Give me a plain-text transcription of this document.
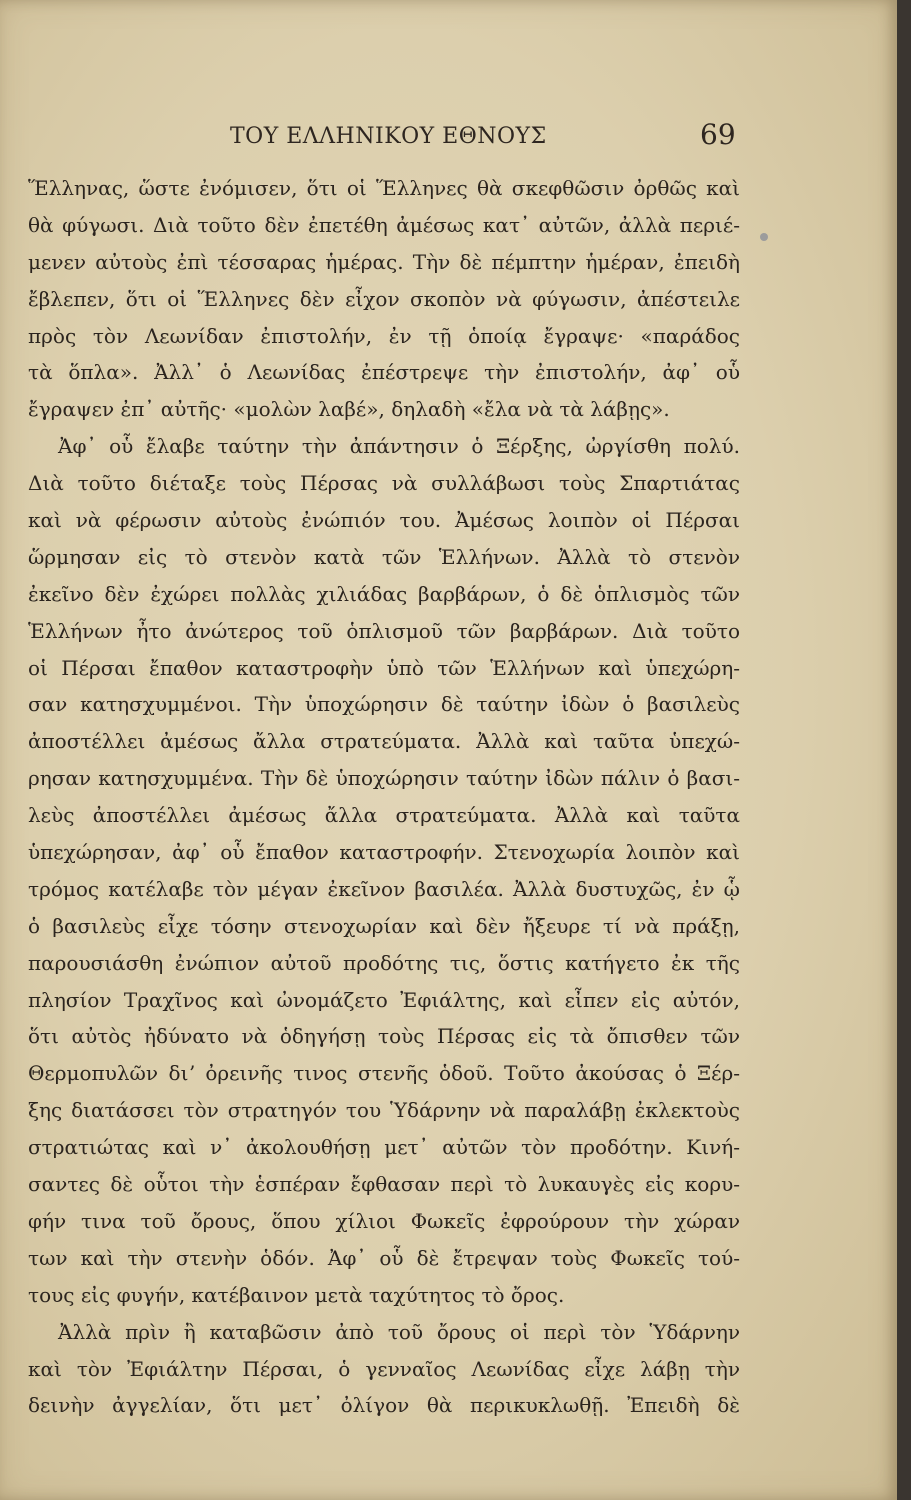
ΤΟΥ ΕΛΛΗΝΙΚΟΥ ΕΘΝΟΥΣ	69
Ἕλληνας, ὥστε ἐνόμισεν, ὅτι οἱ Ἕλληνες θὰ σκεφθῶσιν ὀρθῶς καὶ
θὰ φύγωσι. Διὰ τοῦτο δὲν ἐπετέθη ἀμέσως κατ᾽ αὐτῶν, ἀλλὰ περιέ-
μενεν αὐτοὺς ἐπὶ τέσσαρας ἡμέρας. Τὴν δὲ πέμπτην ἡμέραν, ἐπειδὴ
ἔβλεπεν, ὅτι οἱ Ἕλληνες δὲν εἶχον σκοπὸν νὰ φύγωσιν, ἀπέστειλε
πρὸς τὸν Λεωνίδαν ἐπιστολήν, ἐν τῇ ὁποίᾳ ἔγραψε· «παράδος
τὰ ὅπλα». Ἀλλ᾽ ὁ Λεωνίδας ἐπέστρεψε τὴν ἐπιστολήν, ἀφ᾽ οὗ
ἔγραψεν ἐπ᾽ αὐτῆς· «μολὼν λαβέ», δηλαδὴ «ἔλα νὰ τὰ λάβῃς».
Ἀφ᾽ οὗ ἔλαβε ταύτην τὴν ἀπάντησιν ὁ Ξέρξης, ὠργίσθη πολύ.
Διὰ τοῦτο διέταξε τοὺς Πέρσας νὰ συλλάβωσι τοὺς Σπαρτιάτας
καὶ νὰ φέρωσιν αὐτοὺς ἐνώπιόν του. Ἀμέσως λοιπὸν οἱ Πέρσαι
ὥρμησαν εἰς τὸ στενὸν κατὰ τῶν Ἑλλήνων. Ἀλλὰ τὸ στενὸν
ἐκεῖνο δὲν ἐχώρει πολλὰς χιλιάδας βαρβάρων, ὁ δὲ ὁπλισμὸς τῶν
Ἑλλήνων ἦτο ἀνώτερος τοῦ ὁπλισμοῦ τῶν βαρβάρων. Διὰ τοῦτο
οἱ Πέρσαι ἔπαθον καταστροφὴν ὑπὸ τῶν Ἑλλήνων καὶ ὑπεχώρη-
σαν κατησχυμμένοι. Τὴν ὑποχώρησιν δὲ ταύτην ἰδὼν ὁ βασιλεὺς
ἀποστέλλει ἀμέσως ἄλλα στρατεύματα. Ἀλλὰ καὶ ταῦτα ὑπεχώ-
ρησαν κατησχυμμένα. Τὴν δὲ ὑποχώρησιν ταύτην ἰδὼν πάλιν ὁ βασι-
λεὺς ἀποστέλλει ἀμέσως ἄλλα στρατεύματα. Ἀλλὰ καὶ ταῦτα
ὑπεχώρησαν, ἀφ᾽ οὗ ἔπαθον καταστροφήν. Στενοχωρία λοιπὸν καὶ
τρόμος κατέλαβε τὸν μέγαν ἐκεῖνον βασιλέα. Ἀλλὰ δυστυχῶς, ἐν ᾧ
ὁ βασιλεὺς εἶχε τόσην στενοχωρίαν καὶ δὲν ἤξευρε τί νὰ πράξῃ,
παρουσιάσθη ἐνώπιον αὐτοῦ προδότης τις, ὅστις κατήγετο ἐκ τῆς
πλησίον Τραχῖνος καὶ ὠνομάζετο Ἐφιάλτης, καὶ εἶπεν εἰς αὐτόν,
ὅτι αὐτὸς ἠδύνατο νὰ ὁδηγήσῃ τοὺς Πέρσας εἰς τὰ ὄπισθεν τῶν
Θερμοπυλῶν διʼ ὀρεινῆς τινος στενῆς ὁδοῦ. Τοῦτο ἀκούσας ὁ Ξέρ-
ξης διατάσσει τὸν στρατηγόν του Ὑδάρνην νὰ παραλάβῃ ἐκλεκτοὺς
στρατιώτας καὶ ν᾽ ἀκολουθήσῃ μετ᾽ αὐτῶν τὸν προδότην. Κινή-
σαντες δὲ οὗτοι τὴν ἑσπέραν ἔφθασαν περὶ τὸ λυκαυγὲς εἰς κορυ-
φήν τινα τοῦ ὄρους, ὅπου χίλιοι Φωκεῖς ἐφρούρουν τὴν χώραν
των καὶ τὴν στενὴν ὁδόν. Ἀφ᾽ οὗ δὲ ἔτρεψαν τοὺς Φωκεῖς τού-
τους εἰς φυγήν, κατέβαινον μετὰ ταχύτητος τὸ ὄρος.
Ἀλλὰ πρὶν ἢ καταβῶσιν ἀπὸ τοῦ ὄρους οἱ περὶ τὸν Ὑδάρνην
καὶ τὸν Ἐφιάλτην Πέρσαι, ὁ γενναῖος Λεωνίδας εἶχε λάβῃ τὴν
δεινὴν ἀγγελίαν, ὅτι μετ᾽ ὀλίγον θὰ περικυκλωθῇ. Ἐπειδὴ δὲ
